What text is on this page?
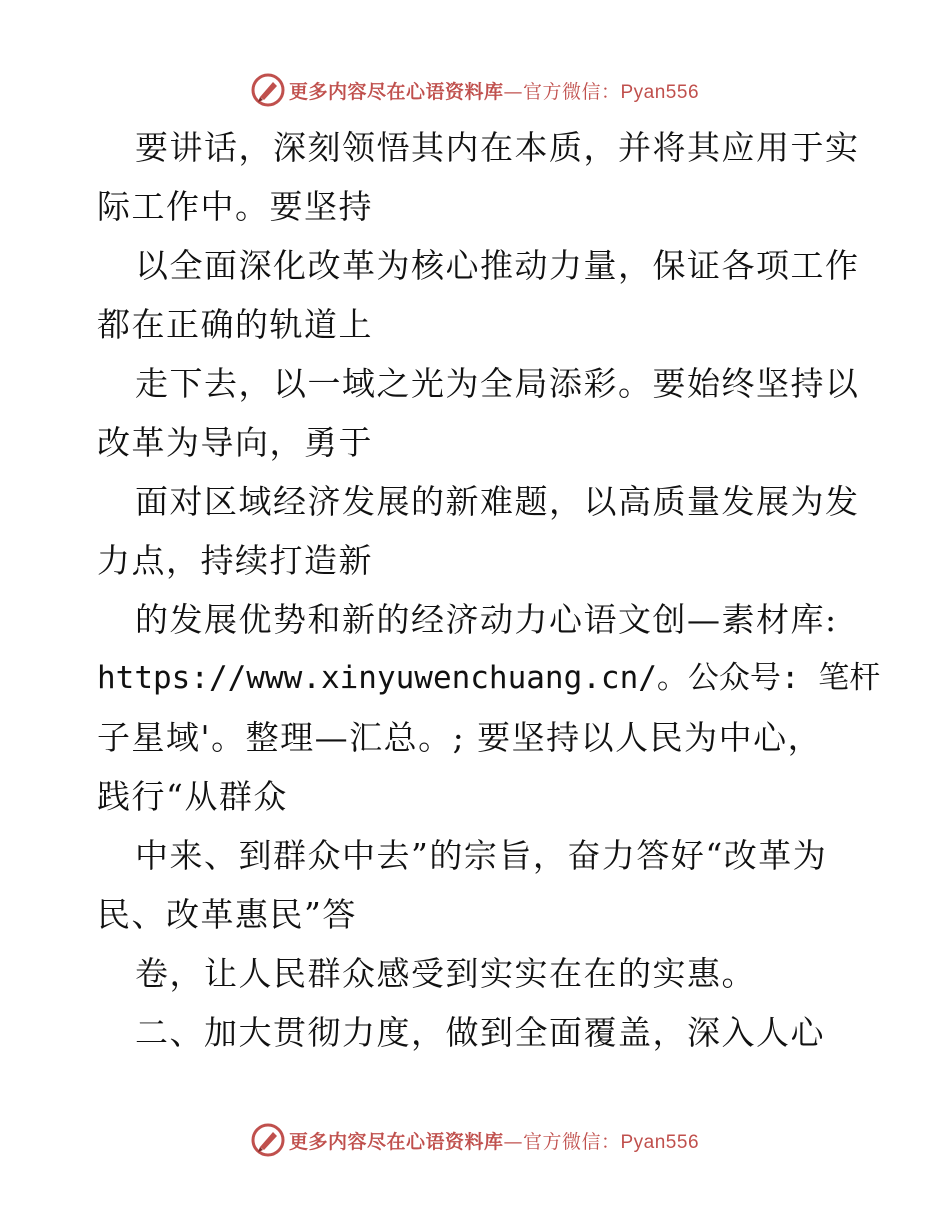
更多内容尽在心语资料库—官方微信：Pyan556
要讲话，深刻领悟其内在本质，并将其应用于实
际工作中。要坚持
以全面深化改革为核心推动力量，保证各项工作
都在正确的轨道上
走下去，以一域之光为全局添彩。要始终坚持以
改革为导向，勇于
面对区域经济发展的新难题，以高质量发展为发
力点，持续打造新
的发展优势和新的经济动力心语文创—素材库:
https://www.xinyuwenchuang.cn/。公众号: 笔杆
子星域'。整理—汇总。; 要坚持以人民为中心，
践行“从群众
中来、到群众中去”的宗旨，奋力答好“改革为
民、改革惠民”答
卷，让人民群众感受到实实在在的实惠。
二、加大贯彻力度，做到全面覆盖，深入人心
更多内容尽在心语资料库—官方微信：Pyan556
